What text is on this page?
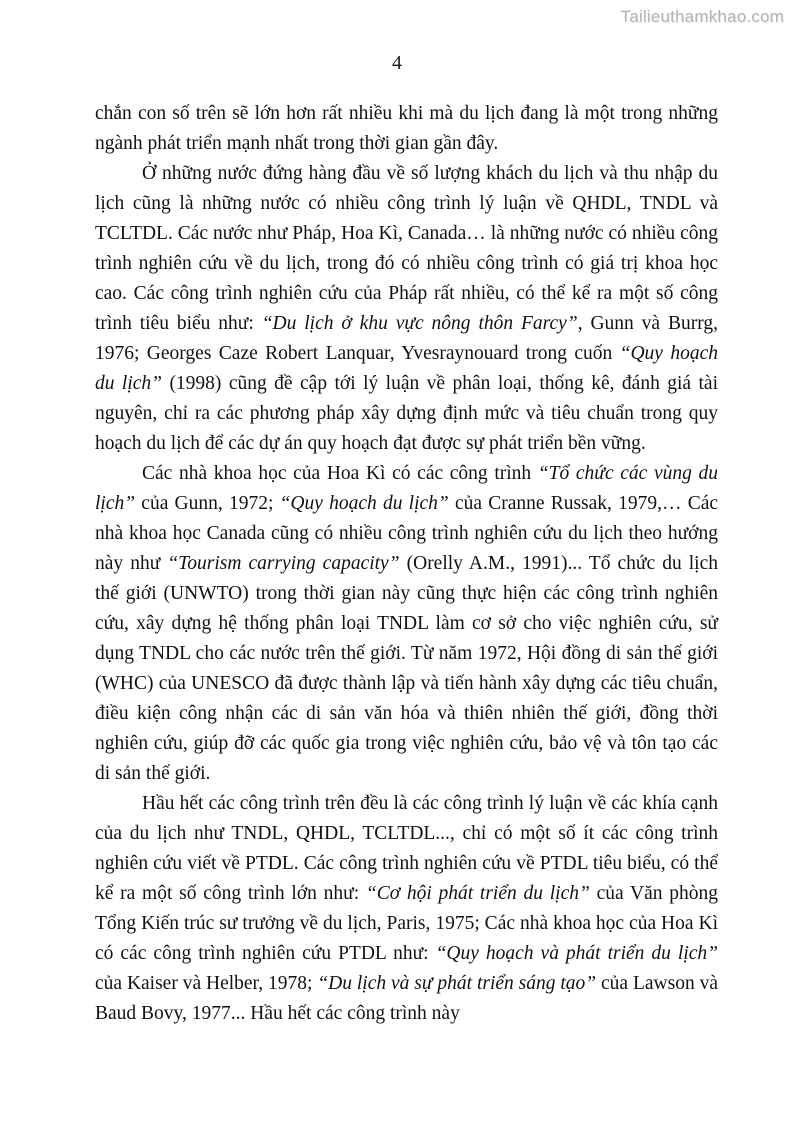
Tailieuthamkhao.com
4

chắn con số trên sẽ lớn hơn rất nhiều khi mà du lịch đang là một trong những ngành phát triển mạnh nhất trong thời gian gần đây.

Ở những nước đứng hàng đầu về số lượng khách du lịch và thu nhập du lịch cũng là những nước có nhiều công trình lý luận về QHDL, TNDL và TCLTDL. Các nước như Pháp, Hoa Kì, Canada… là những nước có nhiều công trình nghiên cứu về du lịch, trong đó có nhiều công trình có giá trị khoa học cao. Các công trình nghiên cứu của Pháp rất nhiều, có thể kể ra một số công trình tiêu biểu như: “Du lịch ở khu vực nông thôn Farcy”, Gunn và Burrg, 1976; Georges Caze Robert Lanquar, Yvesraynouard trong cuốn “Quy hoạch du lịch” (1998) cũng đề cập tới lý luận về phân loại, thống kê, đánh giá tài nguyên, chỉ ra các phương pháp xây dựng định mức và tiêu chuẩn trong quy hoạch du lịch để các dự án quy hoạch đạt được sự phát triển bền vững.

Các nhà khoa học của Hoa Kì có các công trình “Tổ chức các vùng du lịch” của Gunn, 1972; “Quy hoạch du lịch” của Cranne Russak, 1979,… Các nhà khoa học Canada cũng có nhiều công trình nghiên cứu du lịch theo hướng này như “Tourism carrying capacity” (Orelly A.M., 1991)... Tổ chức du lịch thế giới (UNWTO) trong thời gian này cũng thực hiện các công trình nghiên cứu, xây dựng hệ thống phân loại TNDL làm cơ sở cho việc nghiên cứu, sử dụng TNDL cho các nước trên thế giới. Từ năm 1972, Hội đồng di sản thế giới (WHC) của UNESCO đã được thành lập và tiến hành xây dựng các tiêu chuẩn, điều kiện công nhận các di sản văn hóa và thiên nhiên thế giới, đồng thời nghiên cứu, giúp đỡ các quốc gia trong việc nghiên cứu, bảo vệ và tôn tạo các di sản thế giới.

Hầu hết các công trình trên đều là các công trình lý luận về các khía cạnh của du lịch như TNDL, QHDL, TCLTDL..., chỉ có một số ít các công trình nghiên cứu viết về PTDL. Các công trình nghiên cứu về PTDL tiêu biểu, có thể kể ra một số công trình lớn như: “Cơ hội phát triển du lịch” của Văn phòng Tổng Kiến trúc sư trưởng về du lịch, Paris, 1975; Các nhà khoa học của Hoa Kì có các công trình nghiên cứu PTDL như: “Quy hoạch và phát triển du lịch” của Kaiser và Helber, 1978; “Du lịch và sự phát triển sáng tạo” của Lawson và Baud Bovy, 1977... Hầu hết các công trình này
